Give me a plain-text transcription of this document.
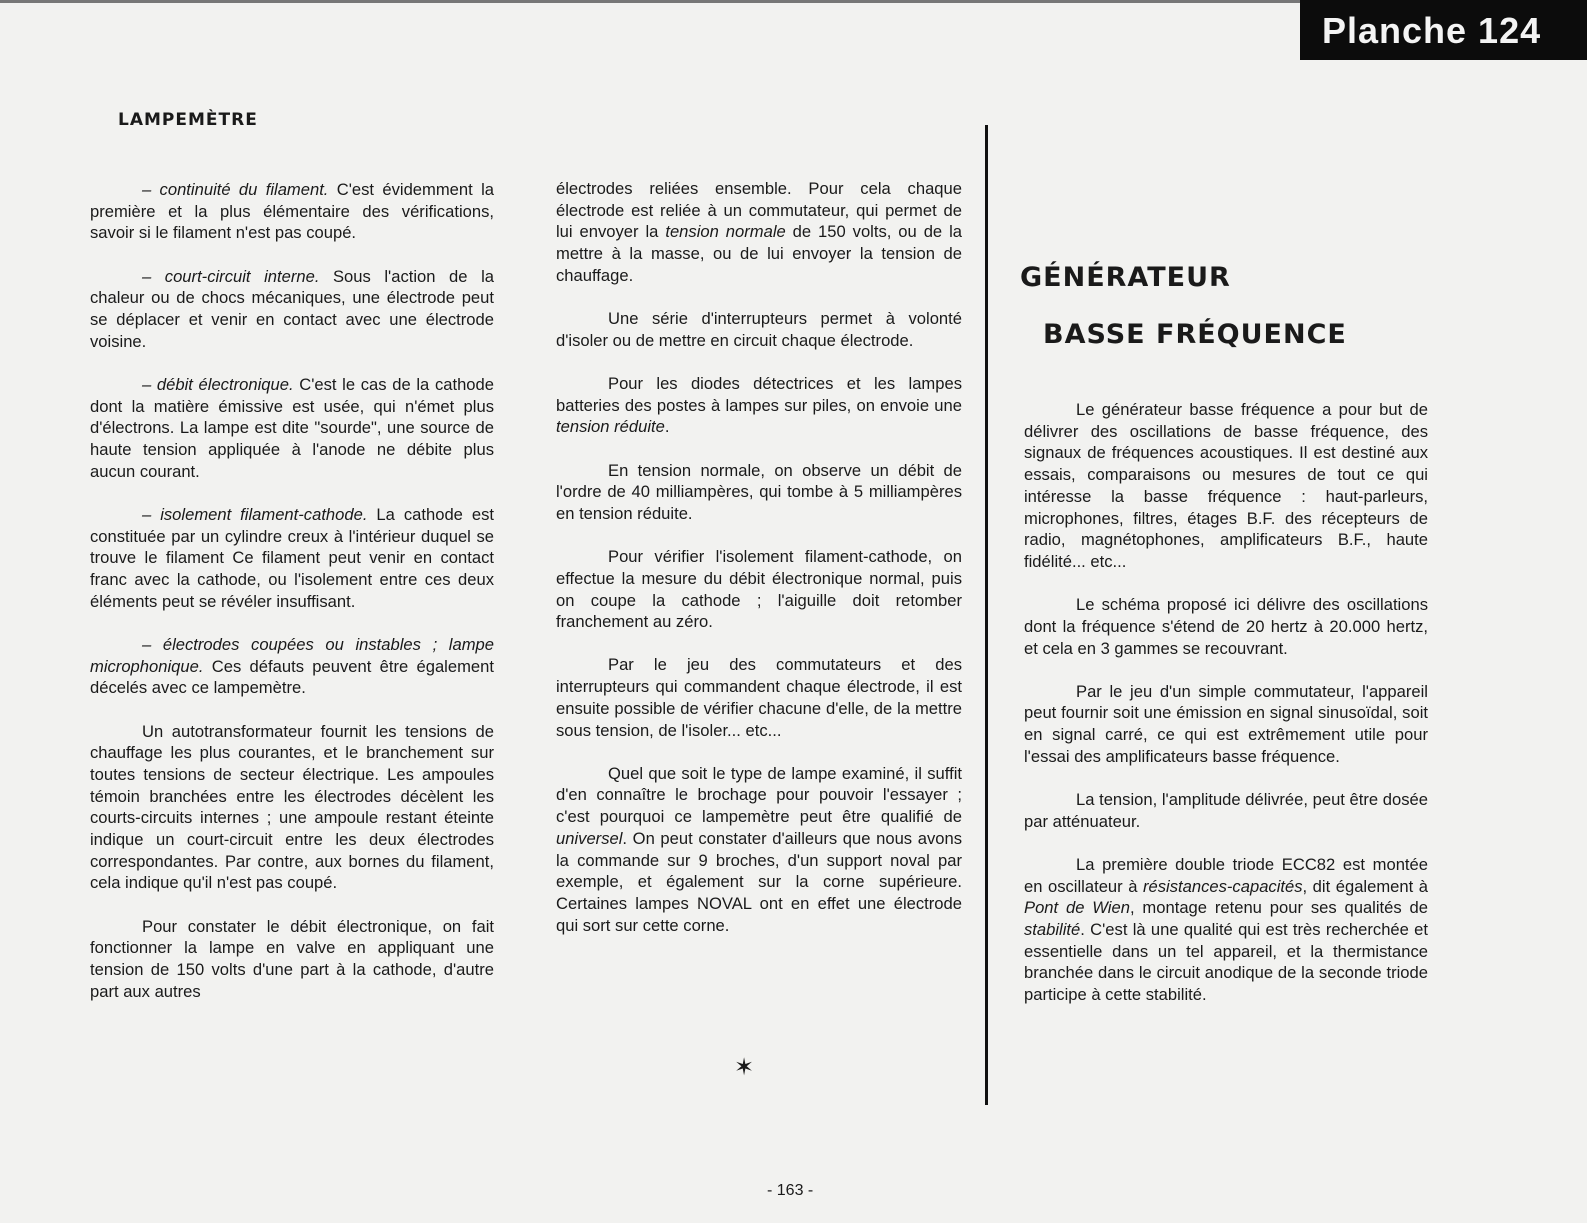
Planche 124
LAMPEMÈTRE

– continuité du filament. C'est évidemment la première et la plus élémentaire des vérifications, savoir si le filament n'est pas coupé.

– court-circuit interne. Sous l'action de la chaleur ou de chocs mécaniques, une électrode peut se déplacer et venir en contact avec une électrode voisine.

– débit électronique. C'est le cas de la cathode dont la matière émissive est usée, qui n'émet plus d'électrons. La lampe est dite "sourde", une source de haute tension appliquée à l'anode ne débite plus aucun courant.

– isolement filament-cathode. La cathode est constituée par un cylindre creux à l'intérieur duquel se trouve le filament Ce filament peut venir en contact franc avec la cathode, ou l'isolement entre ces deux éléments peut se révéler insuffisant.

– électrodes coupées ou instables ; lampe microphonique. Ces défauts peuvent être également décelés avec ce lampemètre.

Un autotransformateur fournit les tensions de chauffage les plus courantes, et le branchement sur toutes tensions de secteur électrique. Les ampoules témoin branchées entre les électrodes décèlent les courts-circuits internes ; une ampoule restant éteinte indique un court-circuit entre les deux électrodes correspondantes. Par contre, aux bornes du filament, cela indique qu'il n'est pas coupé.

Pour constater le débit électronique, on fait fonctionner la lampe en valve en appliquant une tension de 150 volts d'une part à la cathode, d'autre part aux autres

électrodes reliées ensemble. Pour cela chaque électrode est reliée à un commutateur, qui permet de lui envoyer la tension normale de 150 volts, ou de la mettre à la masse, ou de lui envoyer la tension de chauffage.

Une série d'interrupteurs permet à volonté d'isoler ou de mettre en circuit chaque électrode.

Pour les diodes détectrices et les lampes batteries des postes à lampes sur piles, on envoie une tension réduite.

En tension normale, on observe un débit de l'ordre de 40 milliampères, qui tombe à 5 milliampères en tension réduite.

Pour vérifier l'isolement filament-cathode, on effectue la mesure du débit électronique normal, puis on coupe la cathode ; l'aiguille doit retomber franchement au zéro.

Par le jeu des commutateurs et des interrupteurs qui commandent chaque électrode, il est ensuite possible de vérifier chacune d'elle, de la mettre sous tension, de l'isoler... etc...

Quel que soit le type de lampe examiné, il suffit d'en connaître le brochage pour pouvoir l'essayer ; c'est pourquoi ce lampemètre peut être qualifié de universel. On peut constater d'ailleurs que nous avons la commande sur 9 broches, d'un support noval par exemple, et également sur la corne supérieure. Certaines lampes NOVAL ont en effet une électrode qui sort sur cette corne.

GÉNÉRATEUR
BASSE FRÉQUENCE

Le générateur basse fréquence a pour but de délivrer des oscillations de basse fréquence, des signaux de fréquences acoustiques. Il est destiné aux essais, comparaisons ou mesures de tout ce qui intéresse la basse fréquence : haut-parleurs, microphones, filtres, étages B.F. des récepteurs de radio, magnétophones, amplificateurs B.F., haute fidélité... etc...

Le schéma proposé ici délivre des oscillations dont la fréquence s'étend de 20 hertz à 20.000 hertz, et cela en 3 gammes se recouvrant.

Par le jeu d'un simple commutateur, l'appareil peut fournir soit une émission en signal sinusoïdal, soit en signal carré, ce qui est extrêmement utile pour l'essai des amplificateurs basse fréquence.

La tension, l'amplitude délivrée, peut être dosée par atténuateur.

La première double triode ECC82 est montée en oscillateur à résistances-capacités, dit également à Pont de Wien, montage retenu pour ses qualités de stabilité. C'est là une qualité qui est très recherchée et essentielle dans un tel appareil, et la thermistance branchée dans le circuit anodique de la seconde triode participe à cette stabilité.

✶
- 163 -
